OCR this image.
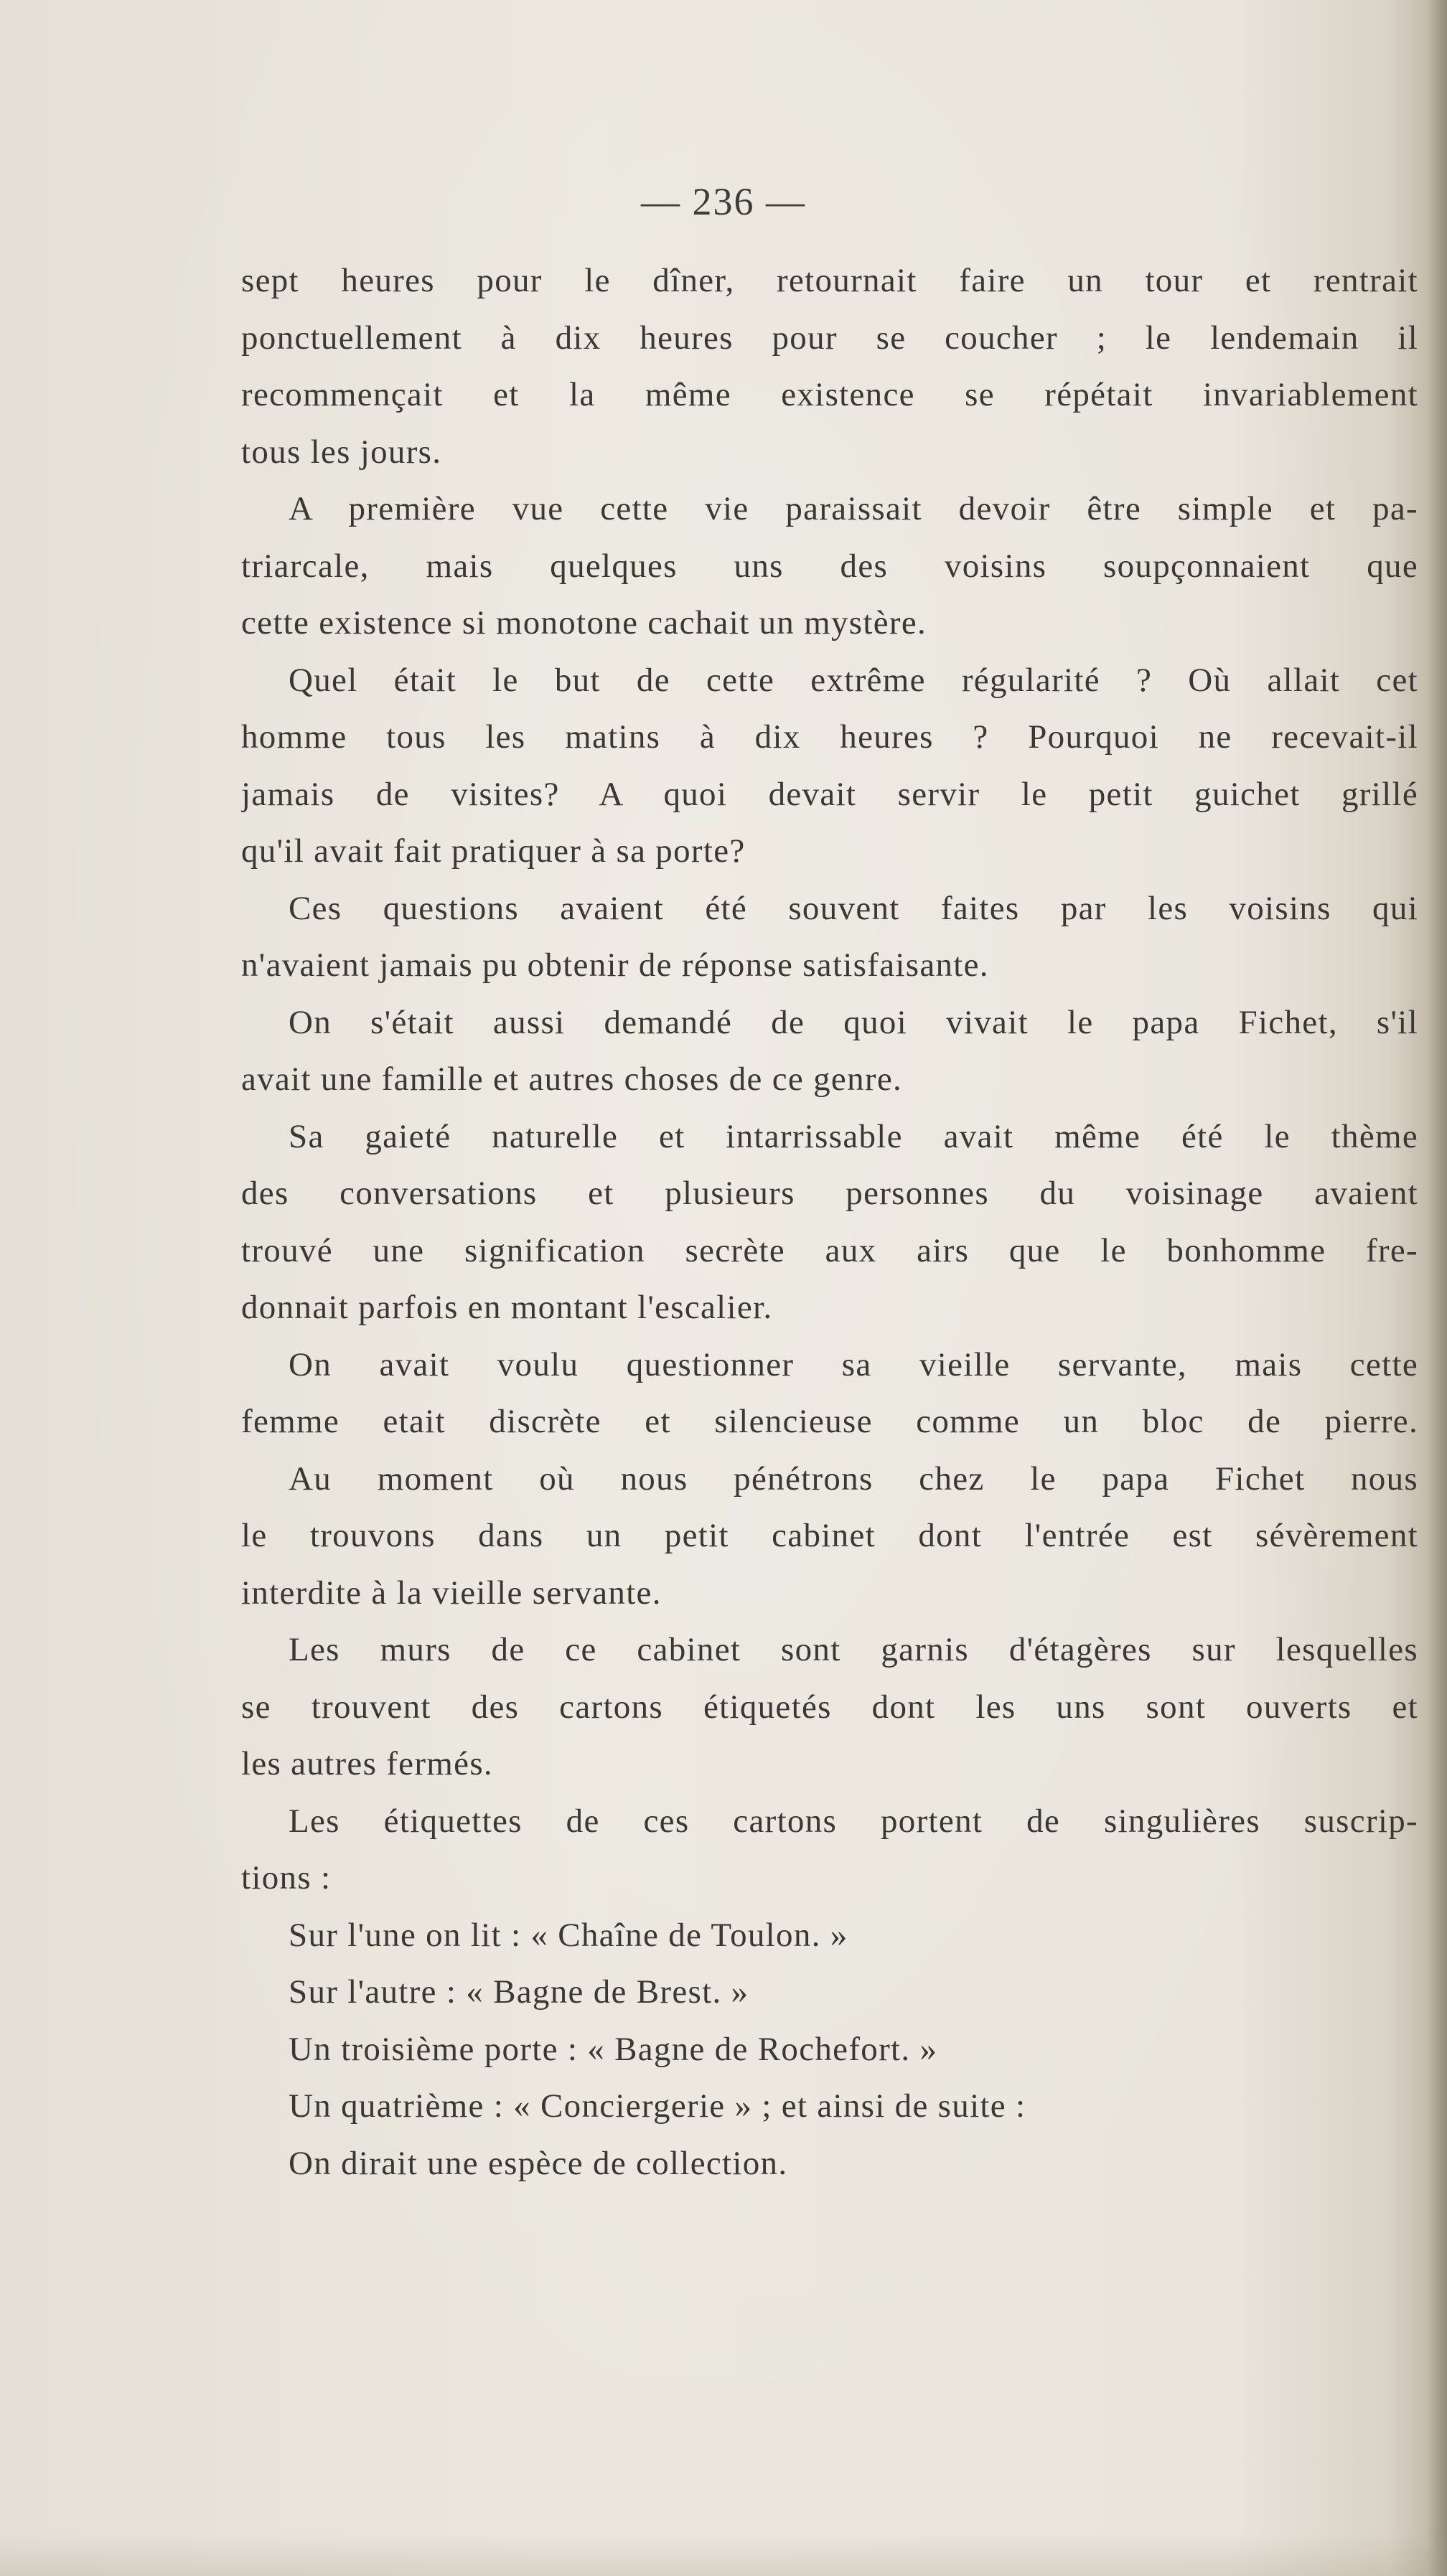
— 236 —
sept heures pour le dîner, retournait faire un tour et rentrait
ponctuellement à dix heures pour se coucher ; le lendemain il
recommençait et la même existence se répétait invariablement
tous les jours.
A première vue cette vie paraissait devoir être simple et pa-
triarcale, mais quelques uns des voisins soupçonnaient que
cette existence si monotone cachait un mystère.
Quel était le but de cette extrême régularité ? Où allait cet
homme tous les matins à dix heures ? Pourquoi ne recevait-il
jamais de visites? A quoi devait servir le petit guichet grillé
qu'il avait fait pratiquer à sa porte?
Ces questions avaient été souvent faites par les voisins qui
n'avaient jamais pu obtenir de réponse satisfaisante.
On s'était aussi demandé de quoi vivait le papa Fichet, s'il
avait une famille et autres choses de ce genre.
Sa gaieté naturelle et intarrissable avait même été le thème
des conversations et plusieurs personnes du voisinage avaient
trouvé une signification secrète aux airs que le bonhomme fre-
donnait parfois en montant l'escalier.
On avait voulu questionner sa vieille servante, mais cette
femme etait discrète et silencieuse comme un bloc de pierre.
Au moment où nous pénétrons chez le papa Fichet nous
le trouvons dans un petit cabinet dont l'entrée est sévèrement
interdite à la vieille servante.
Les murs de ce cabinet sont garnis d'étagères sur lesquelles
se trouvent des cartons étiquetés dont les uns sont ouverts et
les autres fermés.
Les étiquettes de ces cartons portent de singulières suscrip-
tions :
Sur l'une on lit : « Chaîne de Toulon. »
Sur l'autre : « Bagne de Brest. »
Un troisième porte : « Bagne de Rochefort. »
Un quatrième : « Conciergerie » ; et ainsi de suite :
On dirait une espèce de collection.
